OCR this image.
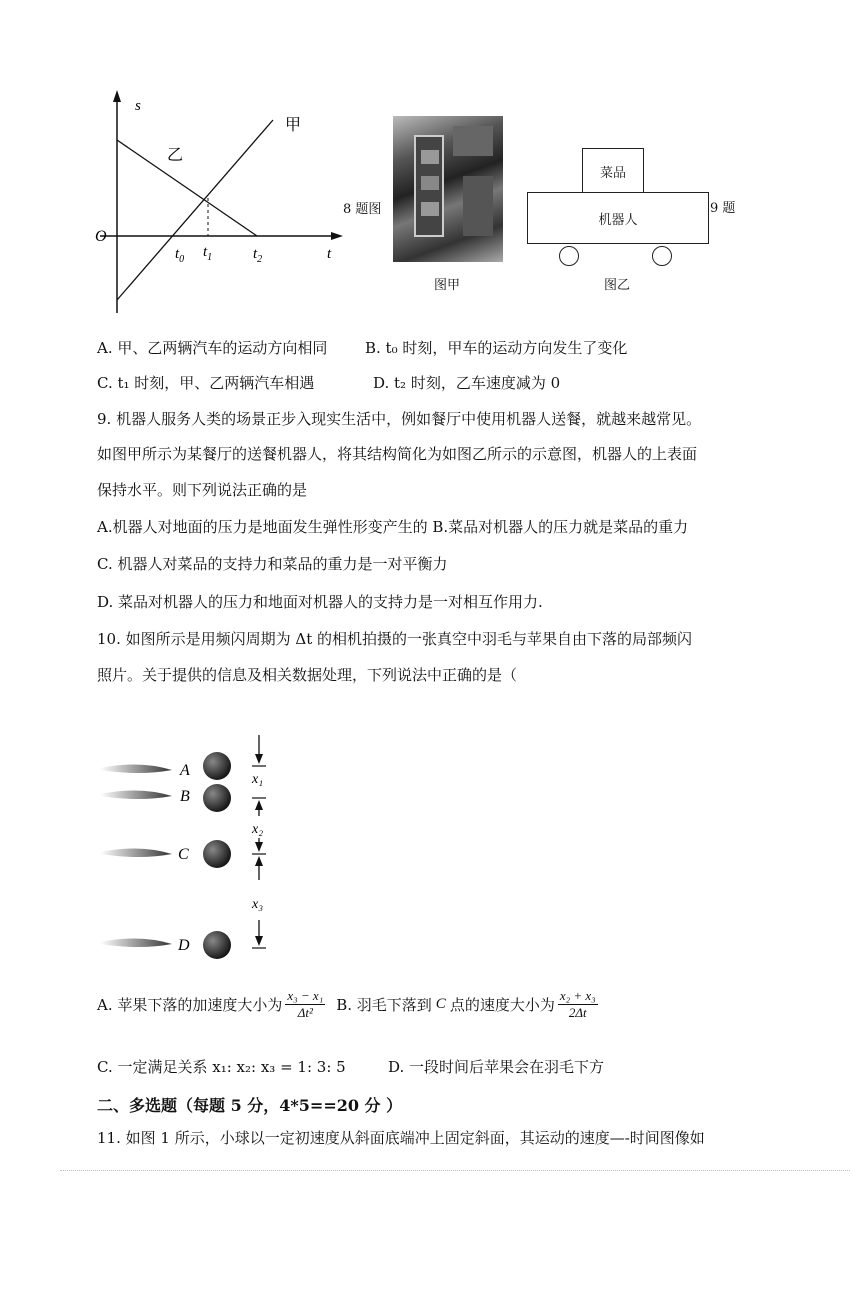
s
t
O
甲
乙
$t_0$ $t_1$	$t_2$
8 题图
图甲
菜品
机器人
9 题
图乙
A. 甲、乙两辆汽车的运动方向相同	B. t₀ 时刻，甲车的运动方向发生了变化
C. t₁ 时刻，甲、乙两辆汽车相遇	D. t₂ 时刻，乙车速度减为 0
9. 机器人服务人类的场景正步入现实生活中，例如餐厅中使用机器人送餐，就越来越常见。
如图甲所示为某餐厅的送餐机器人，将其结构简化为如图乙所示的示意图，机器人的上表面
保持水平。则下列说法正确的是
A.机器人对地面的压力是地面发生弹性形变产生的 B.菜品对机器人的压力就是菜品的重力
C. 机器人对菜品的支持力和菜品的重力是一对平衡力
D. 菜品对机器人的压力和地面对机器人的支持力是一对相互作用力.
10. 如图所示是用频闪周期为 Δt 的相机拍摄的一张真空中羽毛与苹果自由下落的局部频闪
照片。关于提供的信息及相关数据处理，下列说法中正确的是（
A
B
C
D
x₁
x₂
x₃
A. 苹果下落的加速度大小为 $\frac{\text{x₃ − x₁}}{\text{Δt²}} B$. 羽毛下落到 C 点的速度大小为 $\frac{\text{x₂ + x₃}}{2\Delta t}$
C. 一定满足关系 x₁: x₂: x₃ = 1: 3: 5	D. 一段时间后苹果会在羽毛下方
二、多选题（每题 5 分，4*5==20 分 ）
11. 如图 1 所示，小球以一定初速度从斜面底端冲上固定斜面，其运动的速度—-时间图像如
